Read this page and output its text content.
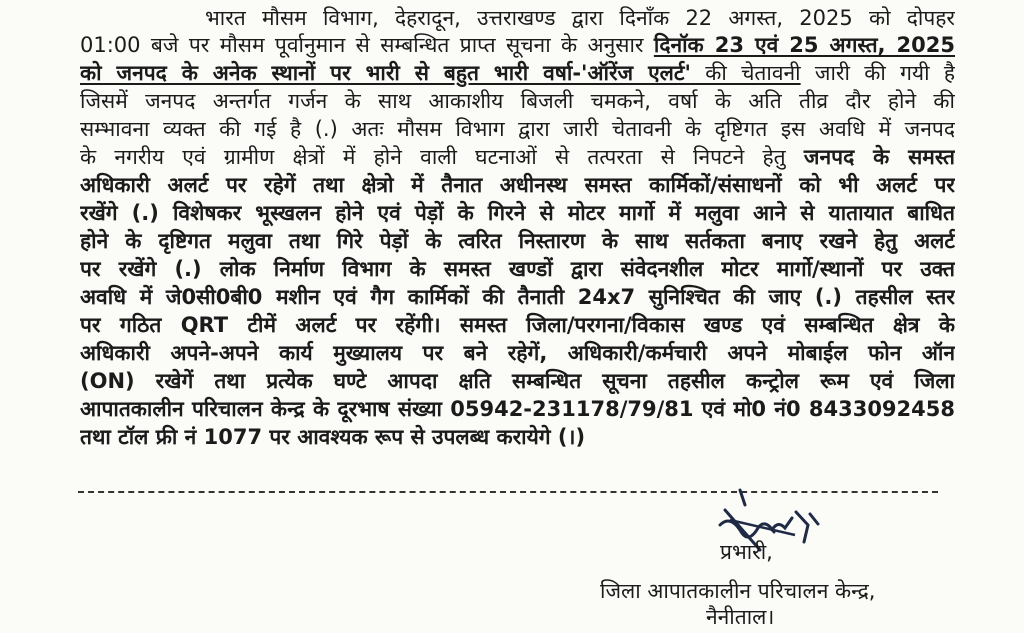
भारत मौसम विभाग, देहरादून, उत्तराखण्ड द्वारा दिनाँक 22 अगस्त, 2025 को दोपहर
01:00 बजे पर मौसम पूर्वानुमान से सम्बन्धित प्राप्त सूचना के अनुसार दिनॉक 23 एवं 25 अगस्त, 2025
को जनपद के अनेक स्थानों पर भारी से बहुत भारी वर्षा-'ऑरेंज एलर्ट' की चेतावनी जारी की गयी है
जिसमें जनपद अन्तर्गत गर्जन के साथ आकाशीय बिजली चमकने, वर्षा के अति तीव्र दौर होने की
सम्भावना व्यक्त की गई है (.) अतः मौसम विभाग द्वारा जारी चेतावनी के दृष्टिगत इस अवधि में जनपद
के नगरीय एवं ग्रामीण क्षेत्रों में होने वाली घटनाओं से तत्परता से निपटने हेतु जनपद के समस्त
अधिकारी अलर्ट पर रहेगें तथा क्षेत्रो में तैनात अधीनस्थ समस्त कार्मिकों/संसाधनों को भी अलर्ट पर
रखेंगे (.) विशेषकर भूस्खलन होने एवं पेड़ों के गिरने से मोटर मार्गो में मलुवा आने से यातायात बाधित
होने के दृष्टिगत मलुवा तथा गिरे पेड़ों के त्वरित निस्तारण के साथ सर्तकता बनाए रखने हेतु अलर्ट
पर रखेंगे (.) लोक निर्माण विभाग के समस्त खण्डों द्वारा संवेदनशील मोटर मार्गो/स्थानों पर उक्त
अवधि में जे0सी0बी0 मशीन एवं गैग कार्मिकों की तैनाती 24x7 सुनिश्चित की जाए (.) तहसील स्तर
पर गठित QRT टीमें अलर्ट पर रहेंगी। समस्त जिला/परगना/विकास खण्ड एवं सम्बन्धित क्षेत्र के
अधिकारी अपने-अपने कार्य मुख्यालय पर बने रहेगें, अधिकारी/कर्मचारी अपने मोबाईल फोन ऑन
(ON) रखेगें तथा प्रत्येक घण्टे आपदा क्षति सम्बन्धित सूचना तहसील कन्ट्रोल रूम एवं जिला
आपातकालीन परिचालन केन्द्र के दूरभाष संख्या 05942-231178/79/81 एवं मो0 नं0 8433092458
तथा टॉल फ्री नं 1077 पर आवश्यक रूप से उपलब्ध करायेगे (।)
प्रभारी,
जिला आपातकालीन परिचालन केन्द्र,
नैनीताल।
